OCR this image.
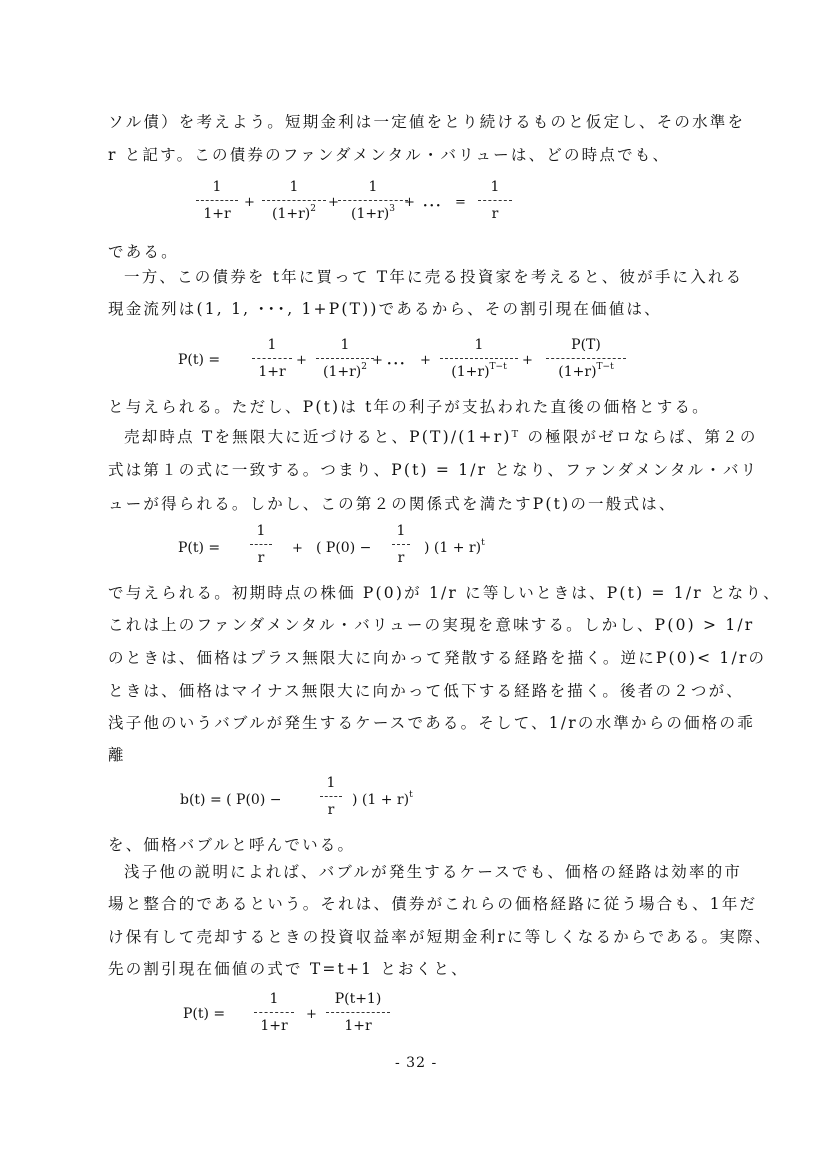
ソル債）を考えよう。短期金利は一定値をとり続けるものと仮定し、その水準を
r と記す。この債券のファンダメンタル・バリューは、どの時点でも、
1
1+r
+
1
$(1+r)^2$ +
1
$(1+r)^3$ + ･･･ =
1
r
である。
一方、この債券を t年に買って T年に売る投資家を考えると、彼が手に入れる
現金流列は(1, 1, ･･･, 1+P(T))であるから、その割引現在価値は、
P(t) =
1
1+r
+
1
$(1+r)^2$ + ･･･ +
1
$(1+r)^{T-t}$	+
P(T)
$(1+r)^{T-t}$
と与えられる。ただし、P(t)は t年の利子が支払われた直後の価格とする。
売却時点 Tを無限大に近づけると、P(T)/(1+r)ᵀ の極限がゼロならば、第２の
式は第１の式に一致する。つまり、P(t) = 1/r となり、ファンダメンタル・バリ
ューが得られる。しかし、この第２の関係式を満たすP(t)の一般式は、
P(t) =
1
r
+ ( P(0) −
1
r
) $(1 + r)^t$
で与えられる。初期時点の株価 P(0)が 1/r に等しいときは、P(t) = 1/r となり、
これは上のファンダメンタル・バリューの実現を意味する。しかし、P(0) > 1/r
のときは、価格はプラス無限大に向かって発散する経路を描く。逆にP(0)< 1/rの
ときは、価格はマイナス無限大に向かって低下する経路を描く。後者の２つが、
浅子他のいうバブルが発生するケースである。そして、1/rの水準からの価格の乖
離
b(t) = ( P(0) −
1
r
) $(1 + r)^t$
を、価格バブルと呼んでいる。
浅子他の説明によれば、バブルが発生するケースでも、価格の経路は効率的市
場と整合的であるという。それは、債券がこれらの価格経路に従う場合も、1年だ
け保有して売却するときの投資収益率が短期金利rに等しくなるからである。実際、
先の割引現在価値の式で T=t+1 とおくと、
P(t) =
1
1+r
+
P(t+1)
1+r
- 32 -
